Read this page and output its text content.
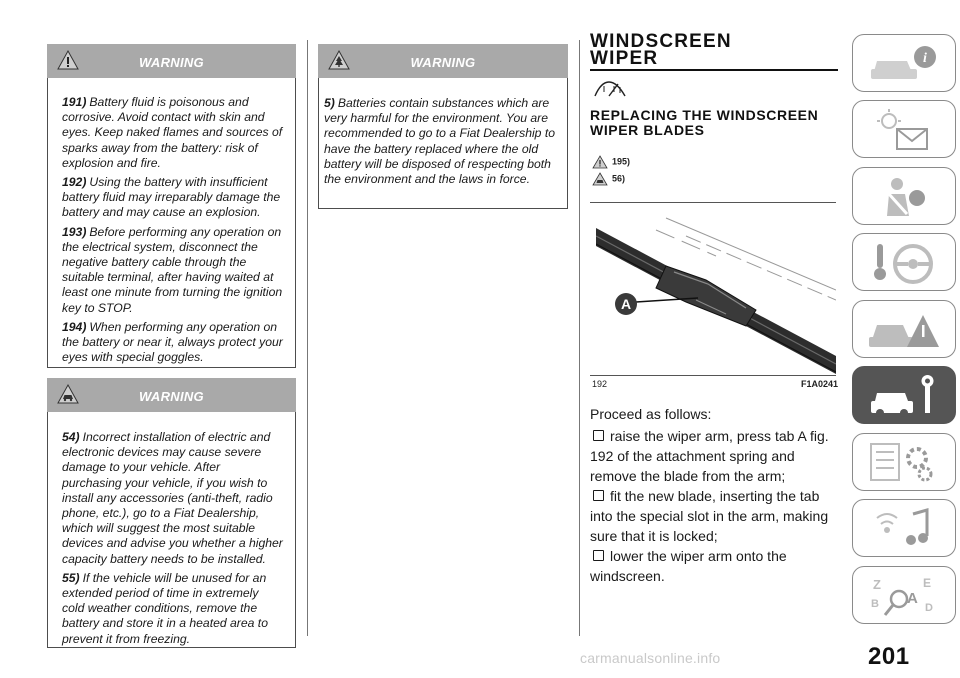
WARNING

191) Battery fluid is poisonous and corrosive. Avoid contact with skin and eyes. Keep naked flames and sources of sparks away from the battery: risk of explosion and fire.

192) Using the battery with insufficient battery fluid may irreparably damage the battery and may cause an explosion.

193) Before performing any operation on the electrical system, disconnect the negative battery cable through the suitable terminal, after having waited at least one minute from turning the ignition key to STOP.

194) When performing any operation on the battery or near it, always protect your eyes with special goggles.

WARNING

54) Incorrect installation of electric and electronic devices may cause severe damage to your vehicle. After purchasing your vehicle, if you wish to install any accessories (anti-theft, radio phone, etc.), go to a Fiat Dealership, which will suggest the most suitable devices and advise you whether a higher capacity battery needs to be installed.

55) If the vehicle will be unused for an extended period of time in extremely cold weather conditions, remove the battery and store it in a heated area to prevent it from freezing.

WARNING

5) Batteries contain substances which are very harmful for the environment. You are recommended to go to a Fiat Dealership to have the battery replaced where the old battery will be disposed of respecting both the environment and the laws in force.

WINDSCREEN
WIPER
REPLACING THE WINDSCREEN WIPER BLADES
195)
56)
A
192	F1A0241

Proceed as follows:

raise the wiper arm, press tab A fig. 192 of the attachment spring and remove the blade from the arm;

fit the new blade, inserting the tab into the special slot in the arm, making sure that it is locked;

lower the wiper arm onto the windscreen.

i
Z	E
B A
D
201
carmanualsonline.info
